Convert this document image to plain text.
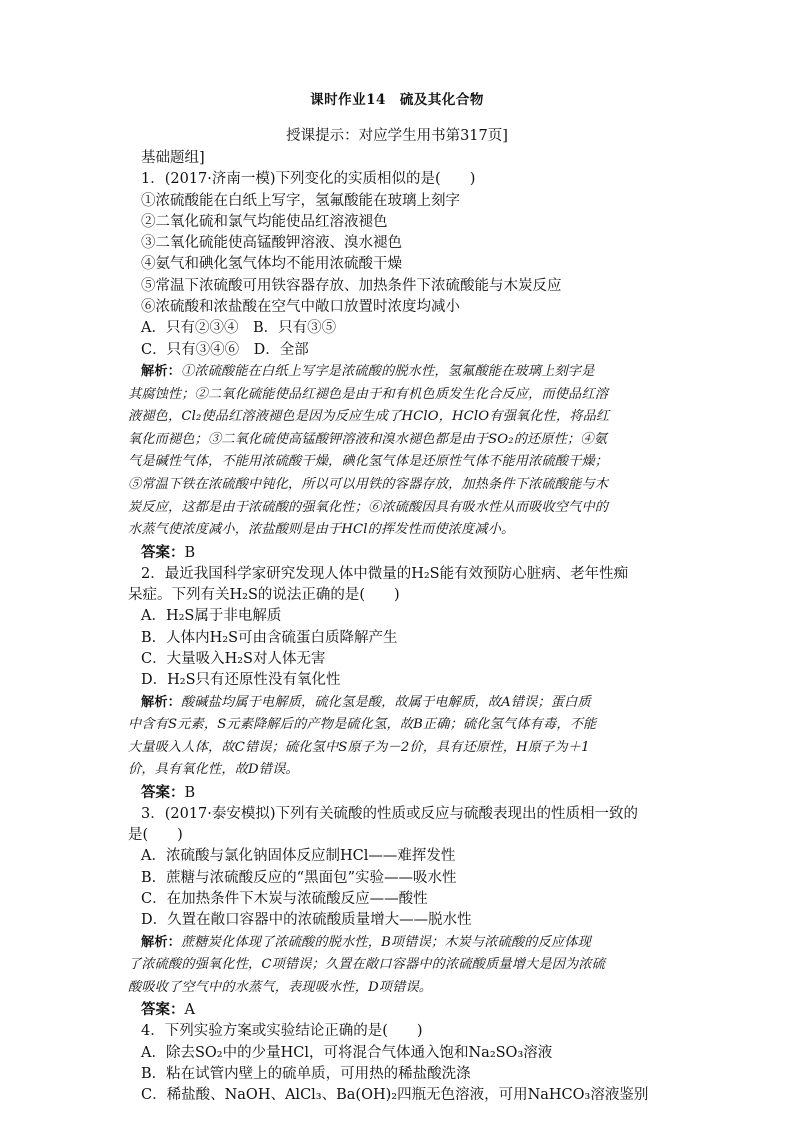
课时作业14 硫及其化合物
授课提示：对应学生用书第317页]
基础题组]
1．(2017·济南一模)下列变化的实质相似的是(　　)
①浓硫酸能在白纸上写字，氢氟酸能在玻璃上刻字
②二氧化硫和氯气均能使品红溶液褪色
③二氧化硫能使高锰酸钾溶液、溴水褪色
④氨气和碘化氢气体均不能用浓硫酸干燥
⑤常温下浓硫酸可用铁容器存放、加热条件下浓硫酸能与木炭反应
⑥浓硫酸和浓盐酸在空气中敞口放置时浓度均减小
A．只有②③④　B．只有③⑤
C．只有③④⑥　D．全部
解析：①浓硫酸能在白纸上写字是浓硫酸的脱水性，氢氟酸能在玻璃上刻字是
其腐蚀性；②二氧化硫能使品红褪色是由于和有机色质发生化合反应，而使品红溶
液褪色，Cl₂使品红溶液褪色是因为反应生成了HClO，HClO有强氧化性，将品红
氧化而褪色；③二氧化硫使高锰酸钾溶液和溴水褪色都是由于SO₂的还原性；④氨
气是碱性气体，不能用浓硫酸干燥，碘化氢气体是还原性气体不能用浓硫酸干燥；
⑤常温下铁在浓硫酸中钝化，所以可以用铁的容器存放，加热条件下浓硫酸能与木
炭反应，这都是由于浓硫酸的强氧化性；⑥浓硫酸因具有吸水性从而吸收空气中的
水蒸气使浓度减小，浓盐酸则是由于HCl的挥发性而使浓度减小。
答案：B
2．最近我国科学家研究发现人体中微量的H₂S能有效预防心脏病、老年性痴
呆症。下列有关H₂S的说法正确的是(　　)
A．H₂S属于非电解质
B．人体内H₂S可由含硫蛋白质降解产生
C．大量吸入H₂S对人体无害
D．H₂S只有还原性没有氧化性
解析：酸碱盐均属于电解质，硫化氢是酸，故属于电解质，故A错误；蛋白质
中含有S元素，S元素降解后的产物是硫化氢，故B正确；硫化氢气体有毒，不能
大量吸入人体，故C错误；硫化氢中S原子为－2价，具有还原性，H原子为＋1
价，具有氧化性，故D错误。
答案：B
3．(2017·泰安模拟)下列有关硫酸的性质或反应与硫酸表现出的性质相一致的
是(　　)
A．浓硫酸与氯化钠固体反应制HCl——难挥发性
B．蔗糖与浓硫酸反应的“黑面包”实验——吸水性
C．在加热条件下木炭与浓硫酸反应——酸性
D．久置在敞口容器中的浓硫酸质量增大——脱水性
解析：蔗糖炭化体现了浓硫酸的脱水性，B项错误；木炭与浓硫酸的反应体现
了浓硫酸的强氧化性，C项错误；久置在敞口容器中的浓硫酸质量增大是因为浓硫
酸吸收了空气中的水蒸气，表现吸水性，D项错误。
答案：A
4．下列实验方案或实验结论正确的是(　　)
A．除去SO₂中的少量HCl，可将混合气体通入饱和Na₂SO₃溶液
B．粘在试管内壁上的硫单质，可用热的稀盐酸洗涤
C．稀盐酸、NaOH、AlCl₃、Ba(OH)₂四瓶无色溶液，可用NaHCO₃溶液鉴别
